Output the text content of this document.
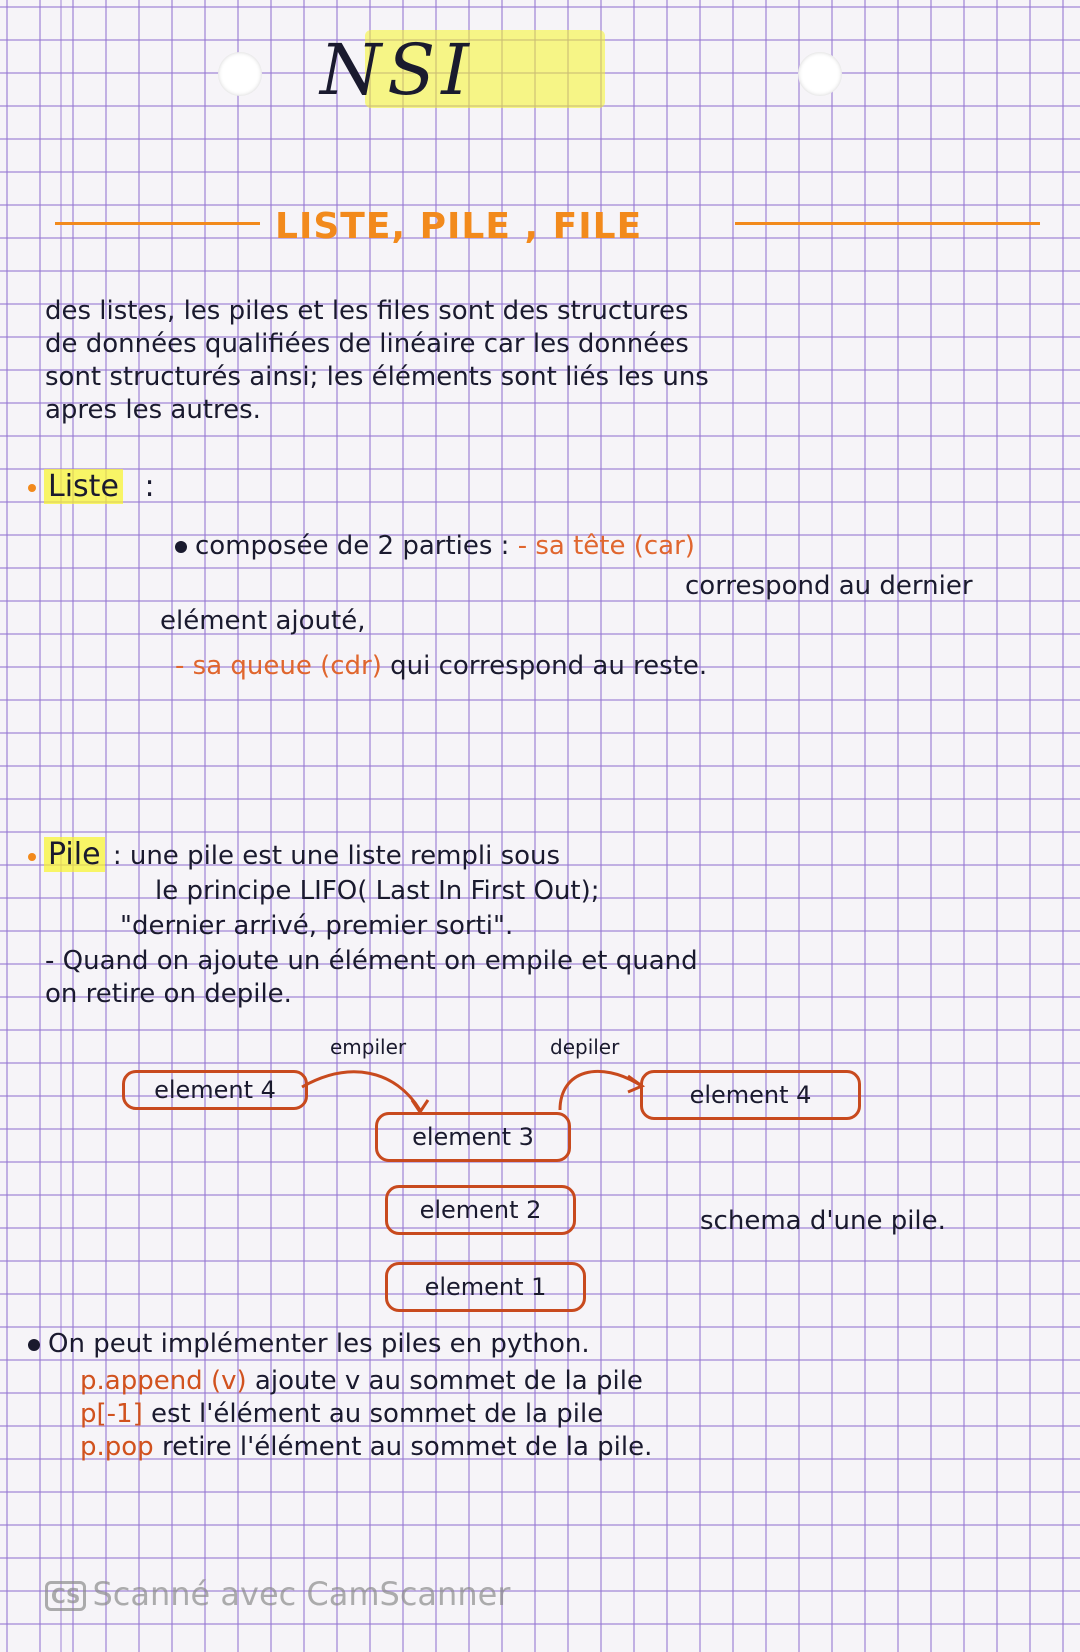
NSI
LISTE, PILE , FILE
des listes, les piles et les files sont des structures
de données qualifiées de linéaire car les données
sont structurés ainsi; les éléments sont liés les uns
apres les autres.
Liste :
composée de 2 parties : - sa tête (car)
correspond au dernier
elément ajouté,
- sa queue (cdr) qui correspond au reste.
Pile : une pile est une liste rempli sous
le principe LIFO( Last In First Out);
"dernier arrivé, premier sorti".
- Quand on ajoute un élément on empile et quand
on retire on depile.
empiler	depiler
element 4	element 4
element 3
element 2
element 1
schema d'une pile.
On peut implémenter les piles en python.
p.append (v) ajoute v au sommet de la pile
p[-1] est l'élément au sommet de la pile
p.pop retire l'élément au sommet de la pile.
CS Scanné avec CamScanner
